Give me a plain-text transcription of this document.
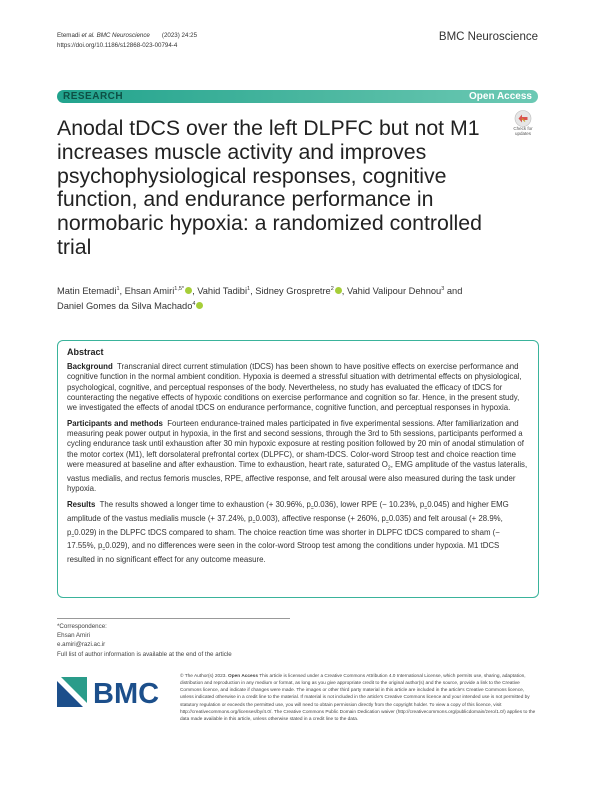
Etemadi et al. BMC Neuroscience (2023) 24:25
https://doi.org/10.1186/s12868-023-00794-4
BMC Neuroscience
RESEARCH	Open Access
Anodal tDCS over the left DLPFC but not M1 increases muscle activity and improves psychophysiological responses, cognitive function, and endurance performance in normobaric hypoxia: a randomized controlled trial
Check for
updates
Matin Etemadi$^1$, Ehsan Amiri$^{1,5*}$ , Vahid Tadibi$^1$, Sidney Grospretre$^2$ , Vahid Valipour Dehnou$^3$ and
Daniel Gomes da Silva Machado$^4$
Abstract

Background Transcranial direct current stimulation (tDCS) has been shown to have positive effects on exercise performance and cognitive function in the normal ambient condition. Hypoxia is deemed a stressful situation with detrimental effects on physiological, psychological, cognitive, and perceptual responses of the body. Nevertheless, no study has evaluated the efficacy of tDCS for counteracting the negative effects of hypoxic conditions on exercise performance and cognition so far. Hence, in the present study, we investigated the effects of anodal tDCS on endurance performance, cognitive function, and perceptual responses in hypoxia.

Participants and methods Fourteen endurance-trained males participated in five experimental sessions. After familiarization and measuring peak power output in hypoxia, in the first and second sessions, through the 3rd to 5th sessions, participants performed a cycling endurance task until exhaustion after 30 min hypoxic exposure at resting position followed by 20 min of anodal stimulation of the motor cortex (M1), left dorsolateral prefrontal cortex (DLPFC), or sham-tDCS. Color-word Stroop test and choice reaction time were measured at baseline and after exhaustion. Time to exhaustion, heart rate, saturated $O_2$, EMG amplitude of the vastus lateralis, vastus medialis, and rectus femoris muscles, RPE, affective response, and felt arousal were also measured during the task under hypoxia.

Results The results showed a longer time to exhaustion (+ 30.96%, $p_=0.036$), lower RPE (− 10.23%, $p_=0.045$) and higher EMG amplitude of the vastus medialis muscle (+ 37.24%, $p_=0.003$), affective response (+ 260%, $p_=0.035$) and felt arousal (+ 28.9%, $p_=0.029$) in the DLPFC tDCS compared to sham. The choice reaction time was shorter in DLPFC tDCS compared to sham (− 17.55%, $p_=0.029$), and no differences were seen in the color-word Stroop test among the conditions under hypoxia. M1 tDCS resulted in no significant effect for any outcome measure.

*Correspondence:
Ehsan Amiri
e.amiri@razi.ac.ir
Full list of author information is available at the end of the article
BMC
© The Author(s) 2023. Open Access This article is licensed under a Creative Commons Attribution 4.0 International License, which permits use, sharing, adaptation, distribution and reproduction in any medium or format, as long as you give appropriate credit to the original author(s) and the source, provide a link to the Creative Commons licence, and indicate if changes were made. The images or other third party material in this article are included in the article's Creative Commons licence, unless indicated otherwise in a credit line to the material. If material is not included in the article's Creative Commons licence and your intended use is not permitted by statutory regulation or exceeds the permitted use, you will need to obtain permission directly from the copyright holder. To view a copy of this licence, visit http://creativecommons.org/licenses/by/4.0/. The Creative Commons Public Domain Dedication waiver (http://creativecommons.org/publicdomain/zero/1.0/) applies to the data made available in this article, unless otherwise stated in a credit line to the data.
